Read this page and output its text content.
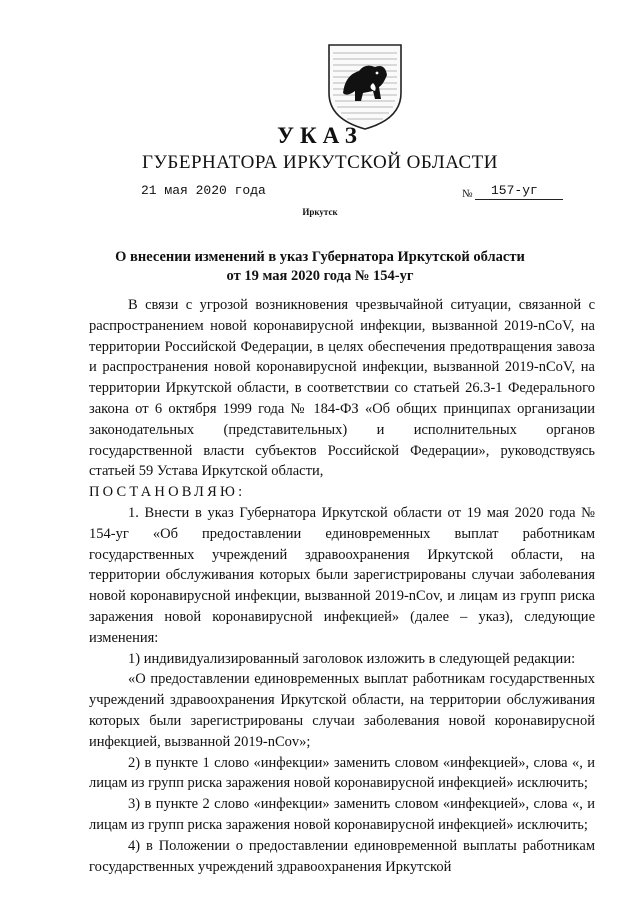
УКАЗ
ГУБЕРНАТОРА ИРКУТСКОЙ ОБЛАСТИ
21 мая 2020 года	№	157-уг
Иркутск
О внесении изменений в указ Губернатора Иркутской области
от 19 мая 2020 года № 154-уг

В связи с угрозой возникновения чрезвычайной ситуации, связанной с распространением новой коронавирусной инфекции, вызванной 2019-nCoV, на территории Российской Федерации, в целях обеспечения предотвращения завоза и распространения новой коронавирусной инфекции, вызванной 2019-nCoV, на территории Иркутской области, в соответствии со статьей 26.3-1 Федерального закона от 6 октября 1999 года № 184-ФЗ «Об общих принципах организации законодательных (представительных) и исполнительных органов государственной власти субъектов Российской Федерации», руководствуясь статьей 59 Устава Иркутской области,

ПОСТАНОВЛЯЮ:

1. Внести в указ Губернатора Иркутской области от 19 мая 2020 года № 154-уг «Об предоставлении единовременных выплат работникам государственных учреждений здравоохранения Иркутской области, на территории обслуживания которых были зарегистрированы случаи заболевания новой коронавирусной инфекции, вызванной 2019-nCov, и лицам из групп риска заражения новой коронавирусной инфекцией» (далее – указ), следующие изменения:

1) индивидуализированный заголовок изложить в следующей редакции:

«О предоставлении единовременных выплат работникам государственных учреждений здравоохранения Иркутской области, на территории обслуживания которых были зарегистрированы случаи заболевания новой коронавирусной инфекцией, вызванной 2019-nCov»;

2) в пункте 1 слово «инфекции» заменить словом «инфекцией», слова «, и лицам из групп риска заражения новой коронавирусной инфекцией» исключить;

3) в пункте 2 слово «инфекции» заменить словом «инфекцией», слова «, и лицам из групп риска заражения новой коронавирусной инфекцией» исключить;

4) в Положении о предоставлении единовременной выплаты работникам государственных учреждений здравоохранения Иркутской
